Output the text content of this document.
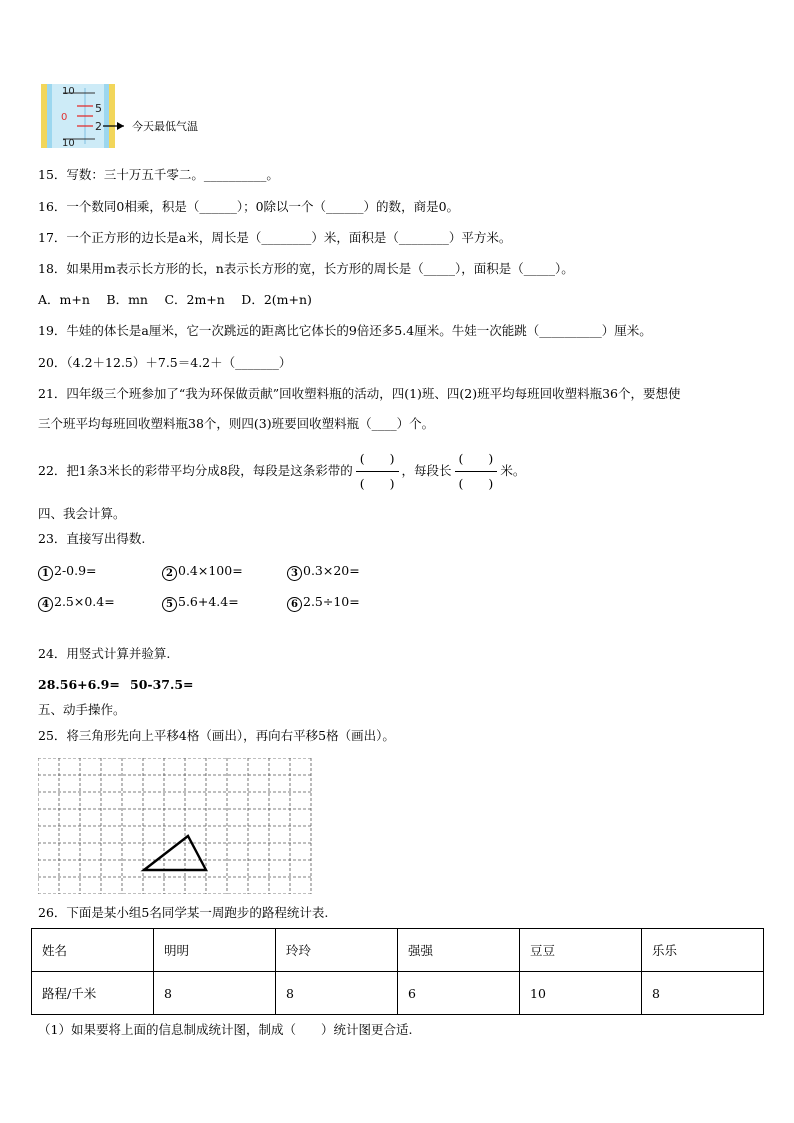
10
0
5
2
10
今天最低气温
15．写数：三十万五千零二。__________。
16．一个数同0相乘，积是（______）；0除以一个（______）的数，商是0。
17．一个正方形的边长是a米，周长是（________）米，面积是（________）平方米。
18．如果用m表示长方形的长，n表示长方形的宽，长方形的周长是（_____），面积是（_____）。
A．m+n　 B．mn　 C．2m+n　 D．2(m+n)
19．牛娃的体长是a厘米，它一次跳远的距离比它体长的9倍还多5.4厘米。牛娃一次能跳（__________）厘米。
20．（4.2＋12.5）＋7.5＝4.2＋（_______）
21．四年级三个班参加了“我为环保做贡献”回收塑料瓶的活动，四(1)班、四(2)班平均每班回收塑料瓶36个，要想使
三个班平均每班回收塑料瓶38个，则四(3)班要回收塑料瓶（____）个。
22．把1条3米长的彩带平均分成8段，每段是这条彩带的 $\frac{( )}{( )}$ ，每段长 $\frac{( )}{( )}$ 米。
四、我会计算。
23．直接写出得数.
1 2-0.9=	2 0.4×100=	3 0.3×20=
4 2.5×0.4=	5 5.6+4.4=	6 2.5÷10=
24．用竖式计算并验算.
28.56+6.9= 50-37.5=
五、动手操作。
25．将三角形先向上平移4格（画出），再向右平移5格（画出）。
26．下面是某小组5名同学某一周跑步的路程统计表.
姓名	明明	玲玲	强强	豆豆	乐乐
路程/千米	8	8	6	10	8
（1）如果要将上面的信息制成统计图，制成（　　）统计图更合适.
